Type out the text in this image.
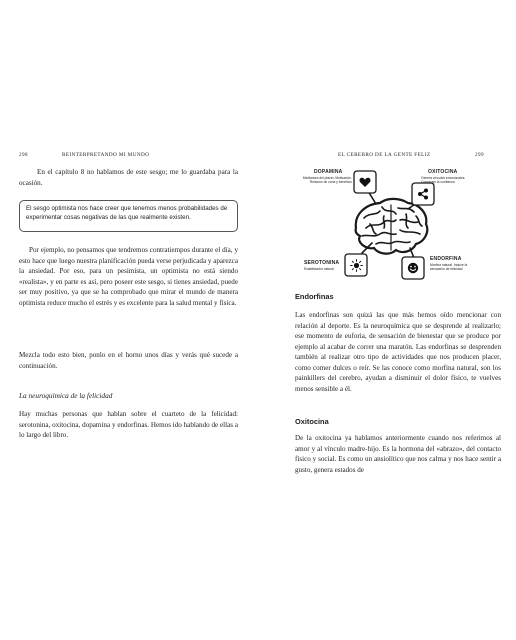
298	REINTERPRETANDO MI MUNDO

En el capítulo 8 no hablamos de este sesgo; me lo guardaba para la ocasión.

El sesgo optimista nos hace creer que tenemos menos probabilidades de experimentar cosas negativas de las que realmente existen.

Por ejemplo, no pensamos que tendremos contratiempos durante el día, y esto hace que luego nuestra planificación pueda verse perjudicada y aparezca la ansiedad. Por eso, para un pesimista, un optimista no está siendo «realista», y en parte es así, pero poseer este sesgo, si tienes ansiedad, puede ser muy positivo, ya que se ha comprobado que mirar el mundo de manera optimista reduce mucho el estrés y es excelente para la salud mental y física.

Mezcla todo esto bien, ponlo en el horno unos días y verás qué sucede a continuación.

La neuroquímica de la felicidad

Hay muchas personas que hablan sobre el cuarteto de la felicidad: serotonina, oxitocina, dopamina y endorfinas. Hemos ido hablando de ellas a lo largo del libro.

EL CEREBRO DE LA GENTE FELIZ	299
DOPAMINA
Mediadora del placer. Motivación. Relación de zona y beneficio
OXITOCINA
Genera vínculos emocionales. Construye la confianza
SEROTONINA
Estabilizador natural
ENDORFINA
Morfina natural. Induce la sensación de felicidad
Endorfinas

Las endorfinas son quizá las que más hemos oído mencionar con relación al deporte. Es la neuroquímica que se desprende al realizarlo; ese momento de euforia, de sensación de bienestar que se produce por ejemplo al acabar de correr una maratón. Las endorfinas se desprenden también al realizar otro tipo de actividades que nos producen placer, como comer dulces o reír. Se las conoce como morfina natural, son los painkillers del cerebro, ayudan a disminuir el dolor físico, te vuelves menos sensible a él.

Oxitocina

De la oxitocina ya hablamos anteriormente cuando nos referimos al amor y al vínculo madre-hijo. Es la hormona del «abrazo», del contacto físico y social. Es como un ansiolítico que nos calma y nos hace sentir a gusto, genera estados de
